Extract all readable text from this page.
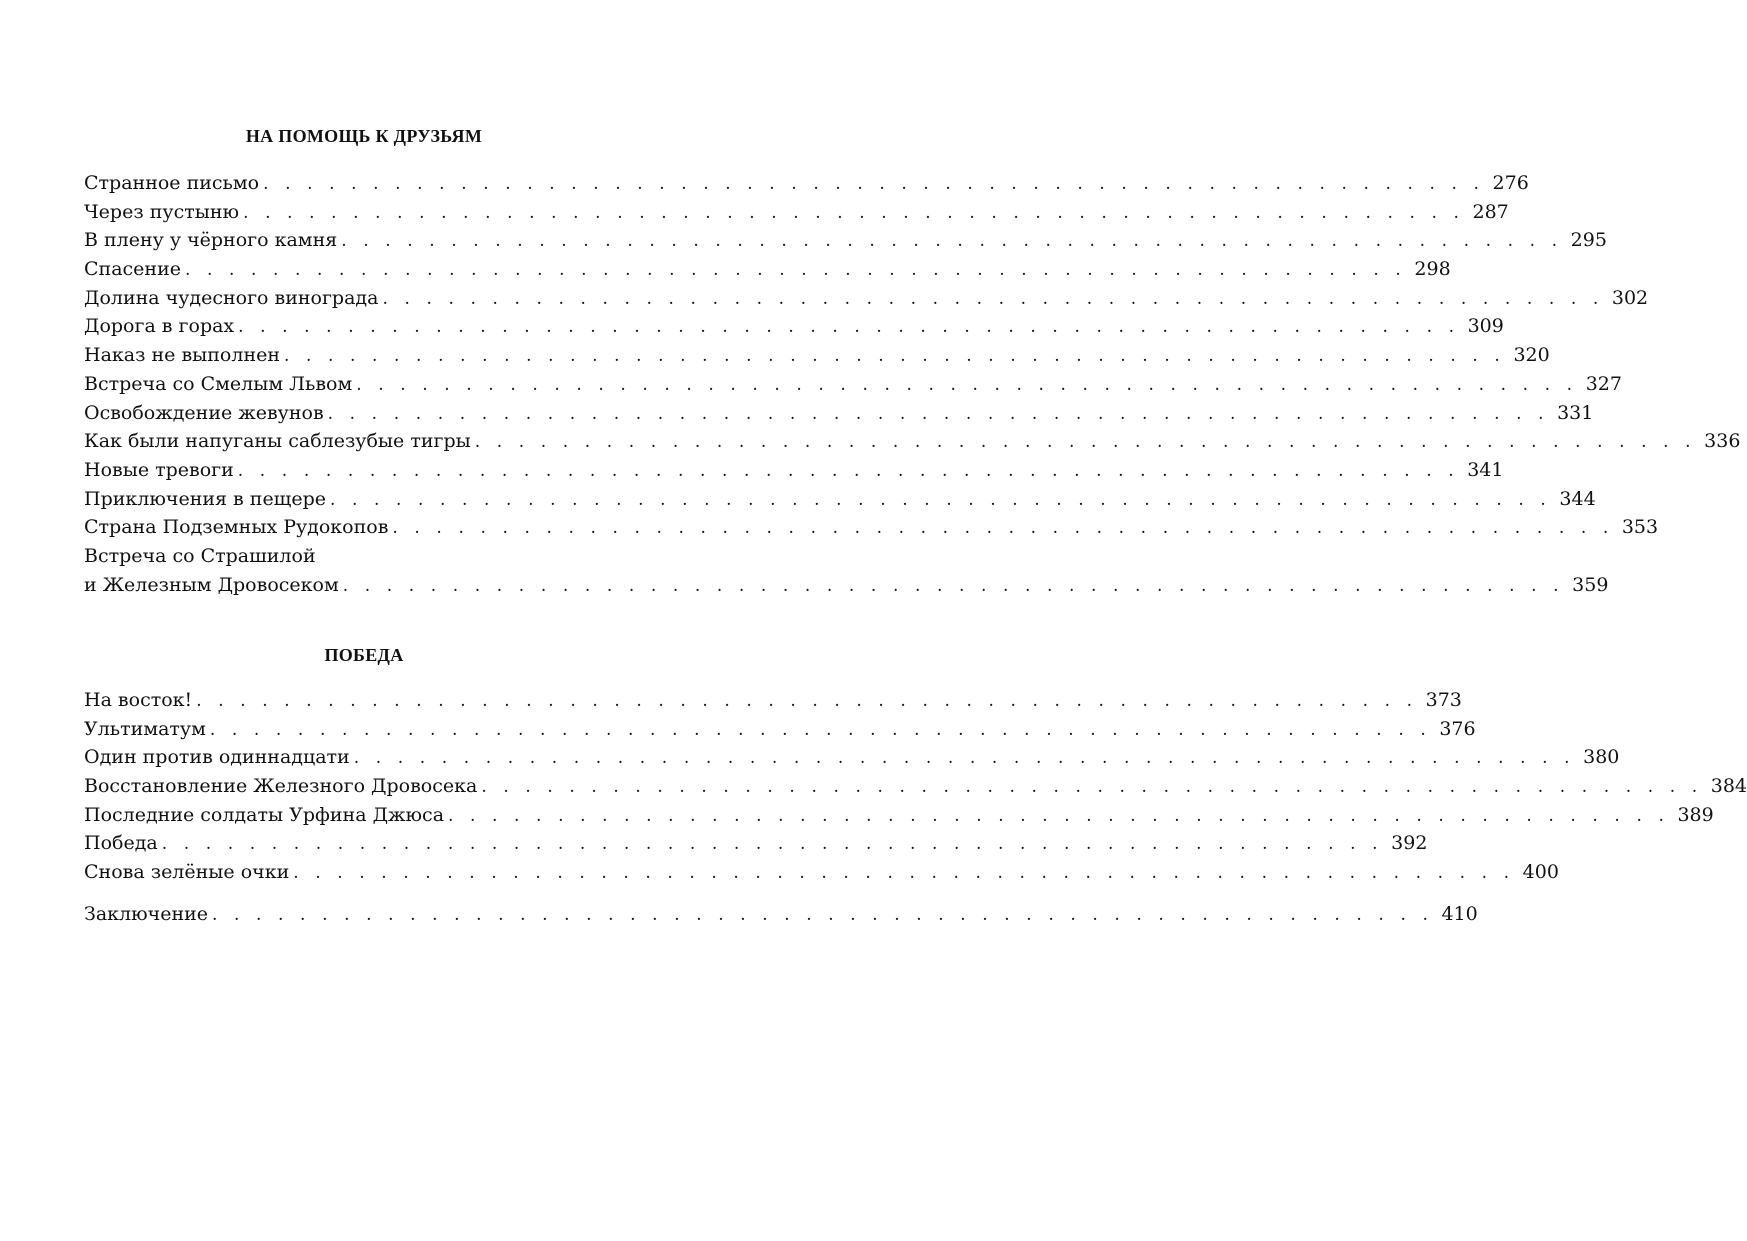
НА ПОМОЩЬ К ДРУЗЬЯМ
Странное письмо . . . . . . . . . . . . . . . . . . . . . . . . . . . . . . . . . . . . . . . . . . . . . . . . . . . . . . . . 276
Через пустыню . . . . . . . . . . . . . . . . . . . . . . . . . . . . . . . . . . . . . . . . . . . . . . . . . . . . . . . . 287
В плену у чёрного камня . . . . . . . . . . . . . . . . . . . . . . . . . . . . . . . . . . . . . . . . . . . . . . . . . . . . . . . . 295
Спасение . . . . . . . . . . . . . . . . . . . . . . . . . . . . . . . . . . . . . . . . . . . . . . . . . . . . . . . . 298
Долина чудесного винограда . . . . . . . . . . . . . . . . . . . . . . . . . . . . . . . . . . . . . . . . . . . . . . . . . . . . . . . . 302
Дорога в горах . . . . . . . . . . . . . . . . . . . . . . . . . . . . . . . . . . . . . . . . . . . . . . . . . . . . . . . . 309
Наказ не выполнен . . . . . . . . . . . . . . . . . . . . . . . . . . . . . . . . . . . . . . . . . . . . . . . . . . . . . . . . 320
Встреча со Смелым Львом . . . . . . . . . . . . . . . . . . . . . . . . . . . . . . . . . . . . . . . . . . . . . . . . . . . . . . . . 327
Освобождение жевунов . . . . . . . . . . . . . . . . . . . . . . . . . . . . . . . . . . . . . . . . . . . . . . . . . . . . . . . . 331
Как были напуганы саблезубые тигры . . . . . . . . . . . . . . . . . . . . . . . . . . . . . . . . . . . . . . . . . . . . . . . . . . . . . . . . 336
Новые тревоги . . . . . . . . . . . . . . . . . . . . . . . . . . . . . . . . . . . . . . . . . . . . . . . . . . . . . . . . 341
Приключения в пещере . . . . . . . . . . . . . . . . . . . . . . . . . . . . . . . . . . . . . . . . . . . . . . . . . . . . . . . . 344
Страна Подземных Рудокопов . . . . . . . . . . . . . . . . . . . . . . . . . . . . . . . . . . . . . . . . . . . . . . . . . . . . . . . . 353
Встреча со Страшилой
и Железным Дровосеком . . . . . . . . . . . . . . . . . . . . . . . . . . . . . . . . . . . . . . . . . . . . . . . . . . . . . . . . 359
ПОБЕДА
На восток! . . . . . . . . . . . . . . . . . . . . . . . . . . . . . . . . . . . . . . . . . . . . . . . . . . . . . . . . 373
Ультиматум . . . . . . . . . . . . . . . . . . . . . . . . . . . . . . . . . . . . . . . . . . . . . . . . . . . . . . . . 376
Один против одиннадцати . . . . . . . . . . . . . . . . . . . . . . . . . . . . . . . . . . . . . . . . . . . . . . . . . . . . . . . . 380
Восстановление Железного Дровосека . . . . . . . . . . . . . . . . . . . . . . . . . . . . . . . . . . . . . . . . . . . . . . . . . . . . . . . . 384
Последние солдаты Урфина Джюса . . . . . . . . . . . . . . . . . . . . . . . . . . . . . . . . . . . . . . . . . . . . . . . . . . . . . . . . 389
Победа . . . . . . . . . . . . . . . . . . . . . . . . . . . . . . . . . . . . . . . . . . . . . . . . . . . . . . . . 392
Снова зелёные очки . . . . . . . . . . . . . . . . . . . . . . . . . . . . . . . . . . . . . . . . . . . . . . . . . . . . . . . . 400
Заключение . . . . . . . . . . . . . . . . . . . . . . . . . . . . . . . . . . . . . . . . . . . . . . . . . . . . . . . . 410
